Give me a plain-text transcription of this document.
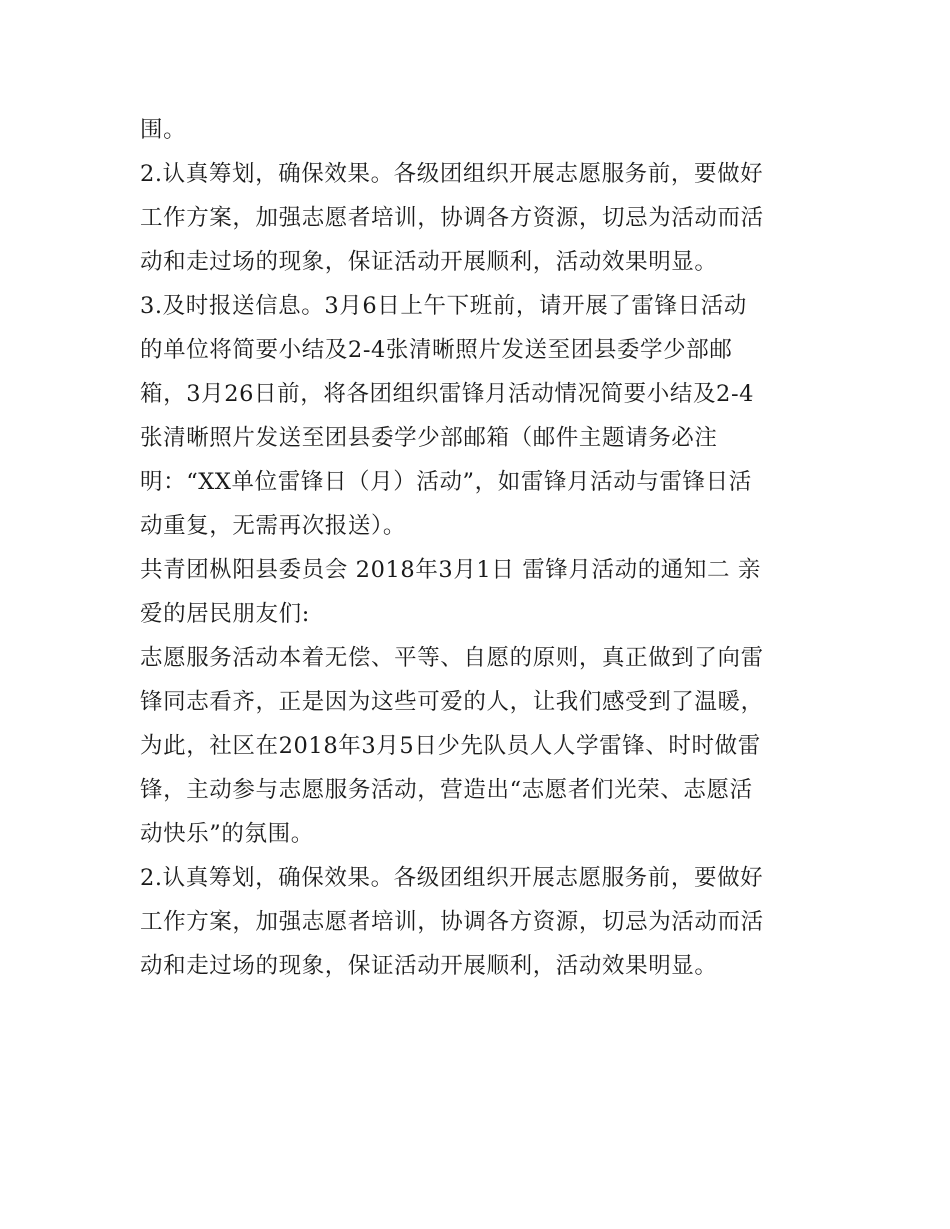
围。
2.认真筹划，确保效果。各级团组织开展志愿服务前，要做好
工作方案，加强志愿者培训，协调各方资源，切忌为活动而活
动和走过场的现象，保证活动开展顺利，活动效果明显。
3.及时报送信息。3月6日上午下班前，请开展了雷锋日活动
的单位将简要小结及2-4张清晰照片发送至团县委学少部邮
箱，3月26日前，将各团组织雷锋月活动情况简要小结及2-4
张清晰照片发送至团县委学少部邮箱（邮件主题请务必注
明：“XX单位雷锋日（月）活动”，如雷锋月活动与雷锋日活
动重复，无需再次报送）。
共青团枞阳县委员会 2018年3月1日 雷锋月活动的通知二 亲
爱的居民朋友们:
志愿服务活动本着无偿、平等、自愿的原则，真正做到了向雷
锋同志看齐，正是因为这些可爱的人，让我们感受到了温暖，
为此，社区在2018年3月5日少先队员人人学雷锋、时时做雷
锋，主动参与志愿服务活动，营造出“志愿者们光荣、志愿活
动快乐”的氛围。
2.认真筹划，确保效果。各级团组织开展志愿服务前，要做好
工作方案，加强志愿者培训，协调各方资源，切忌为活动而活
动和走过场的现象，保证活动开展顺利，活动效果明显。
